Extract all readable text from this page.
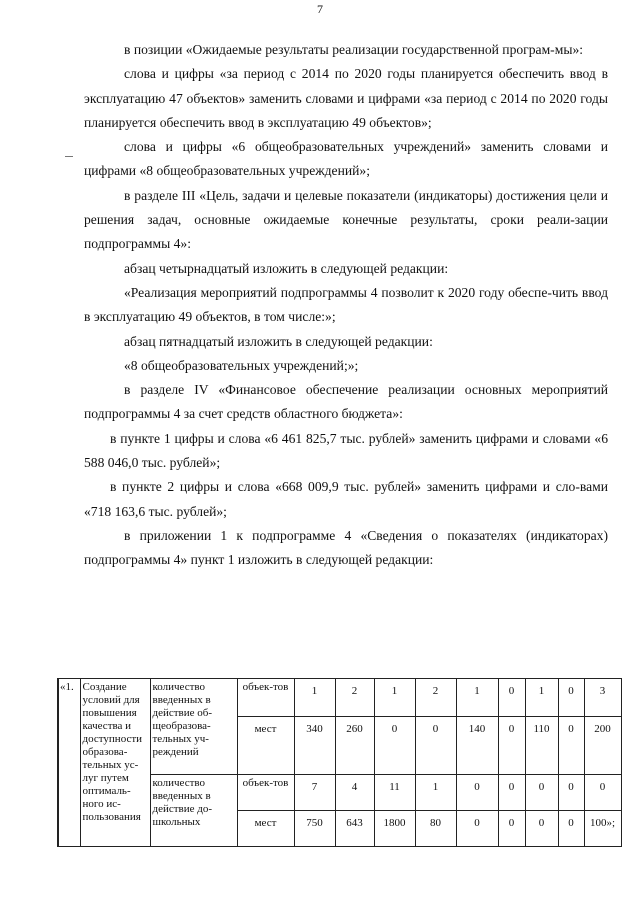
7

в позиции «Ожидаемые результаты реализации государственной програм-мы»:

слова и цифры «за период с 2014 по 2020 годы планируется обеспечить ввод в эксплуатацию 47 объектов» заменить словами и цифрами «за период с 2014 по 2020 годы планируется обеспечить ввод в эксплуатацию 49 объектов»;

слова и цифры «6 общеобразовательных учреждений» заменить словами и цифрами «8 общеобразовательных учреждений»;

в разделе III «Цель, задачи и целевые показатели (индикаторы) достижения цели и решения задач, основные ожидаемые конечные результаты, сроки реали-зации подпрограммы 4»:

абзац четырнадцатый изложить в следующей редакции:

«Реализация мероприятий подпрограммы 4 позволит к 2020 году обеспе-чить ввод в эксплуатацию 49 объектов, в том числе:»;

абзац пятнадцатый изложить в следующей редакции:

«8 общеобразовательных учреждений;»;

в разделе IV «Финансовое обеспечение реализации основных мероприятий подпрограммы 4 за счет средств областного бюджета»:

в пункте 1 цифры и слова «6 461 825,7 тыс. рублей» заменить цифрами и словами «6 588 046,0 тыс. рублей»;

в пункте 2 цифры и слова «668 009,9 тыс. рублей» заменить цифрами и сло-вами «718 163,6 тыс. рублей»;

в приложении 1 к подпрограмме 4 «Сведения о показателях (индикаторах) подпрограммы 4» пункт 1 изложить в следующей редакции:

«1.	Создание условий для повышения качества и доступности образова-тельных ус-луг путем оптималь-ного ис-пользования	количество введенных в действие об-щеобразова-тельных уч-реждений	объек-тов	1	2	1	2	1	0	1	0	3
			мест	340	260	0	0	140	0	110	0	200
		количество введенных в действие до-школьных	объек-тов	7	4	11	1	0	0	0	0	0
			мест	750	643	1800	80	0	0	0	0	100»;
